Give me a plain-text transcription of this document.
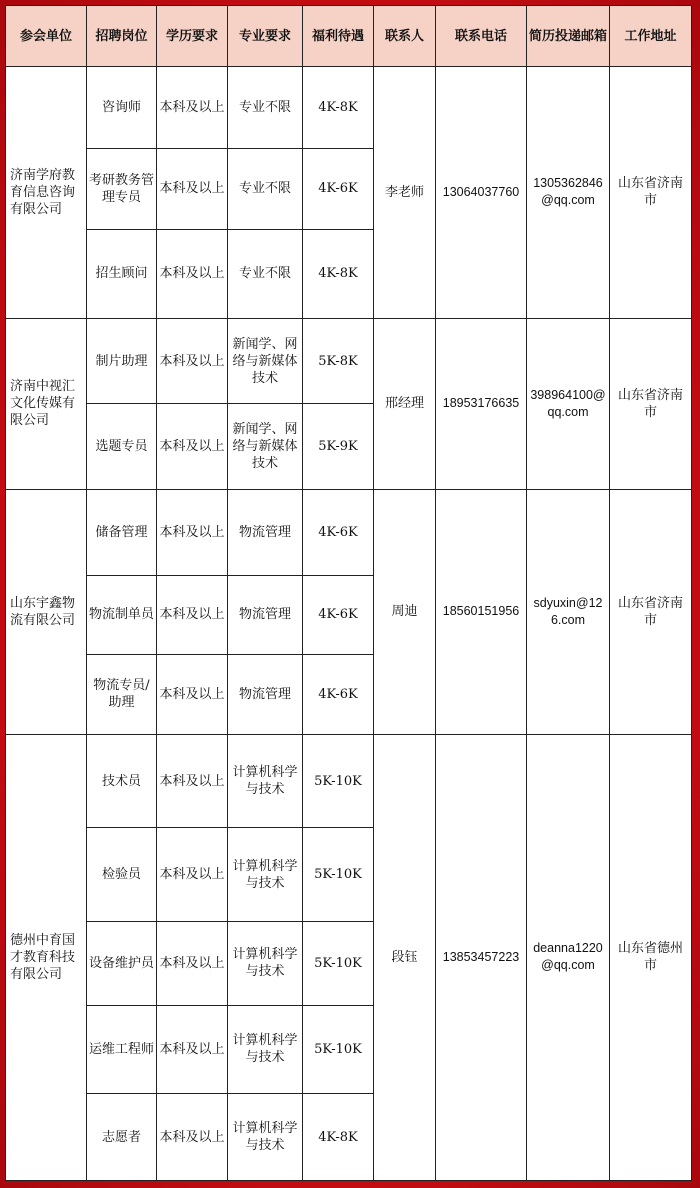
参会单位	招聘岗位	学历要求	专业要求	福利待遇	联系人	联系电话	简历投递邮箱	工作地址
济南学府教育信息咨询有限公司	咨询师	本科及以上	专业不限	4K-8K	李老师	13064037760	1305362846@qq.com	山东省济南市
	考研教务管理专员	本科及以上	专业不限	4K-6K				
	招生顾问	本科及以上	专业不限	4K-8K				
济南中视汇文化传媒有限公司	制片助理	本科及以上	新闻学、网络与新媒体技术	5K-8K	邢经理	18953176635	398964100@qq.com	山东省济南市
	选题专员	本科及以上	新闻学、网络与新媒体技术	5K-9K				
山东宇鑫物流有限公司	储备管理	本科及以上	物流管理	4K-6K	周迪	18560151956	sdyuxin@126.com	山东省济南市
	物流制单员	本科及以上	物流管理	4K-6K				
	物流专员/助理	本科及以上	物流管理	4K-6K				
德州中育国才教育科技有限公司	技术员	本科及以上	计算机科学与技术	5K-10K	段钰	13853457223	deanna1220@qq.com	山东省德州市
	检验员	本科及以上	计算机科学与技术	5K-10K				
	设备维护员	本科及以上	计算机科学与技术	5K-10K				
	运维工程师	本科及以上	计算机科学与技术	5K-10K				
	志愿者	本科及以上	计算机科学与技术	4K-8K				
